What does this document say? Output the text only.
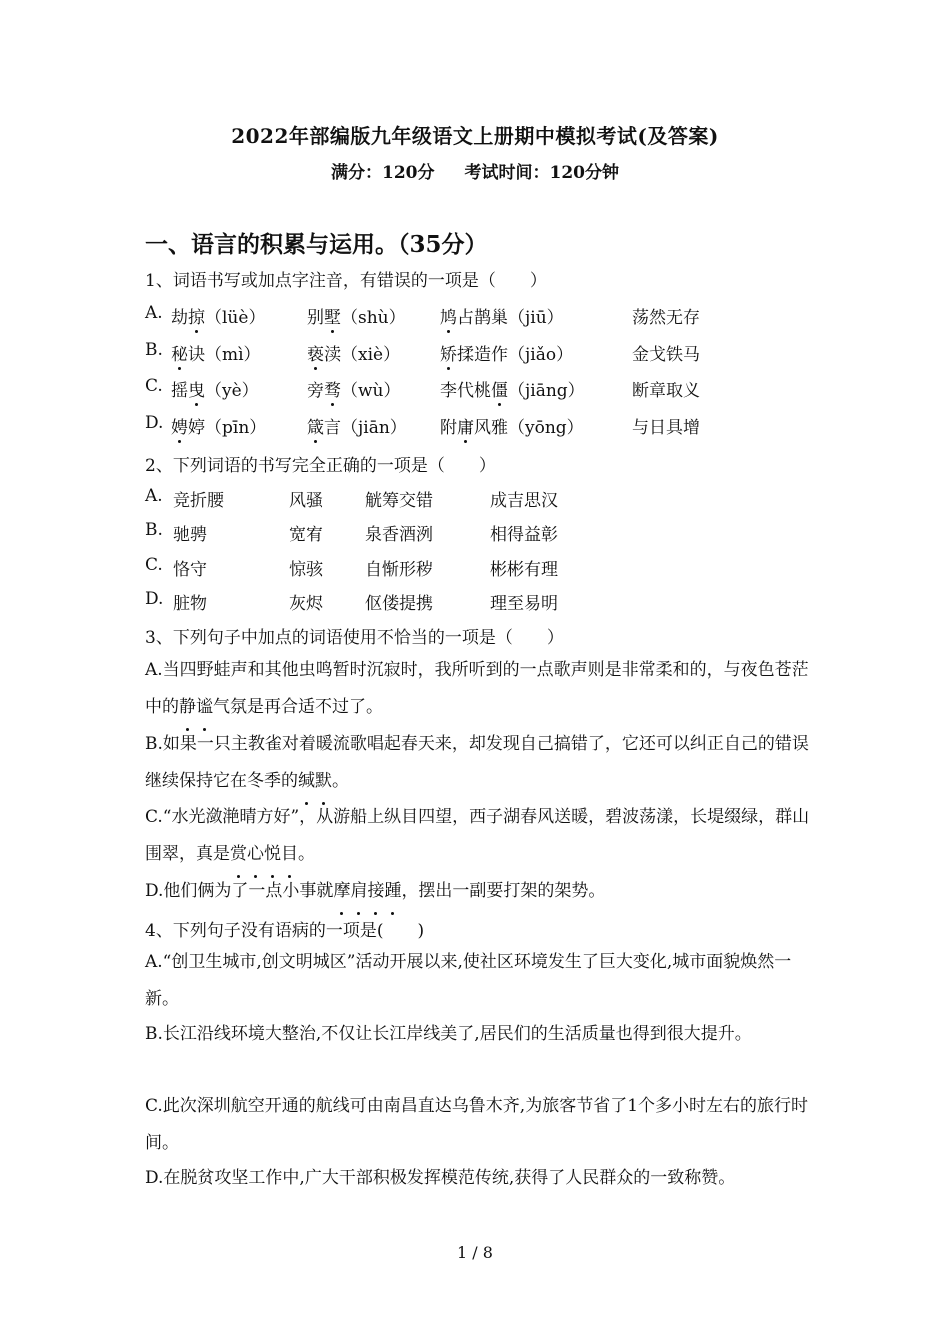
2022年部编版九年级语文上册期中模拟考试(及答案)
满分：120分 考试时间：120分钟
一、语言的积累与运用。（35分）
1、词语书写或加点字注音，有错误的一项是（　　）
A. 劫掠（lüè） 别墅（shù） 鸠占鹊巢（jiū）	荡然无存
B. 秘诀（mì）	亵渎（xiè） 矫揉造作（jiǎo）	金戈铁马
C. 摇曳（yè）	旁骛（wù） 李代桃僵（jiāng）	断章取义
D. 娉婷（pīn） 箴言（jiān） 附庸风雅（yōng）	与日具增
2、下列词语的书写完全正确的一项是（　　）
A. 竞折腰	风骚 觥筹交错	成吉思汉
B. 驰骋	宽宥 泉香酒洌	相得益彰
C. 恪守	惊骇 自惭形秽	彬彬有理
D. 脏物	灰烬 伛偻提携	理至易明
3、下列句子中加点的词语使用不恰当的一项是（　　）
A.当四野蛙声和其他虫鸣暂时沉寂时，我所听到的一点歌声则是非常柔和的，与夜色苍茫中的静谧气氛是再合适不过了。
B.如果一只主教雀对着暖流歌唱起春天来，却发现自己搞错了，它还可以纠正自己的错误继续保持它在冬季的缄默。
C.“水光潋滟晴方好”，从游船上纵目四望，西子湖春风送暖，碧波荡漾，长堤缀绿，群山围翠，真是赏心悦目。
D.他们俩为了一点小事就摩肩接踵，摆出一副要打架的架势。
4、下列句子没有语病的一项是(　　)
A.“创卫生城市,创文明城区”活动开展以来,使社区环境发生了巨大变化,城市面貌焕然一新。
B.长江沿线环境大整治,不仅让长江岸线美了,居民们的生活质量也得到很大提升。
C.此次深圳航空开通的航线可由南昌直达乌鲁木齐,为旅客节省了1个多小时左右的旅行时间。
D.在脱贫攻坚工作中,广大干部积极发挥模范传统,获得了人民群众的一致称赞。
1 / 8
